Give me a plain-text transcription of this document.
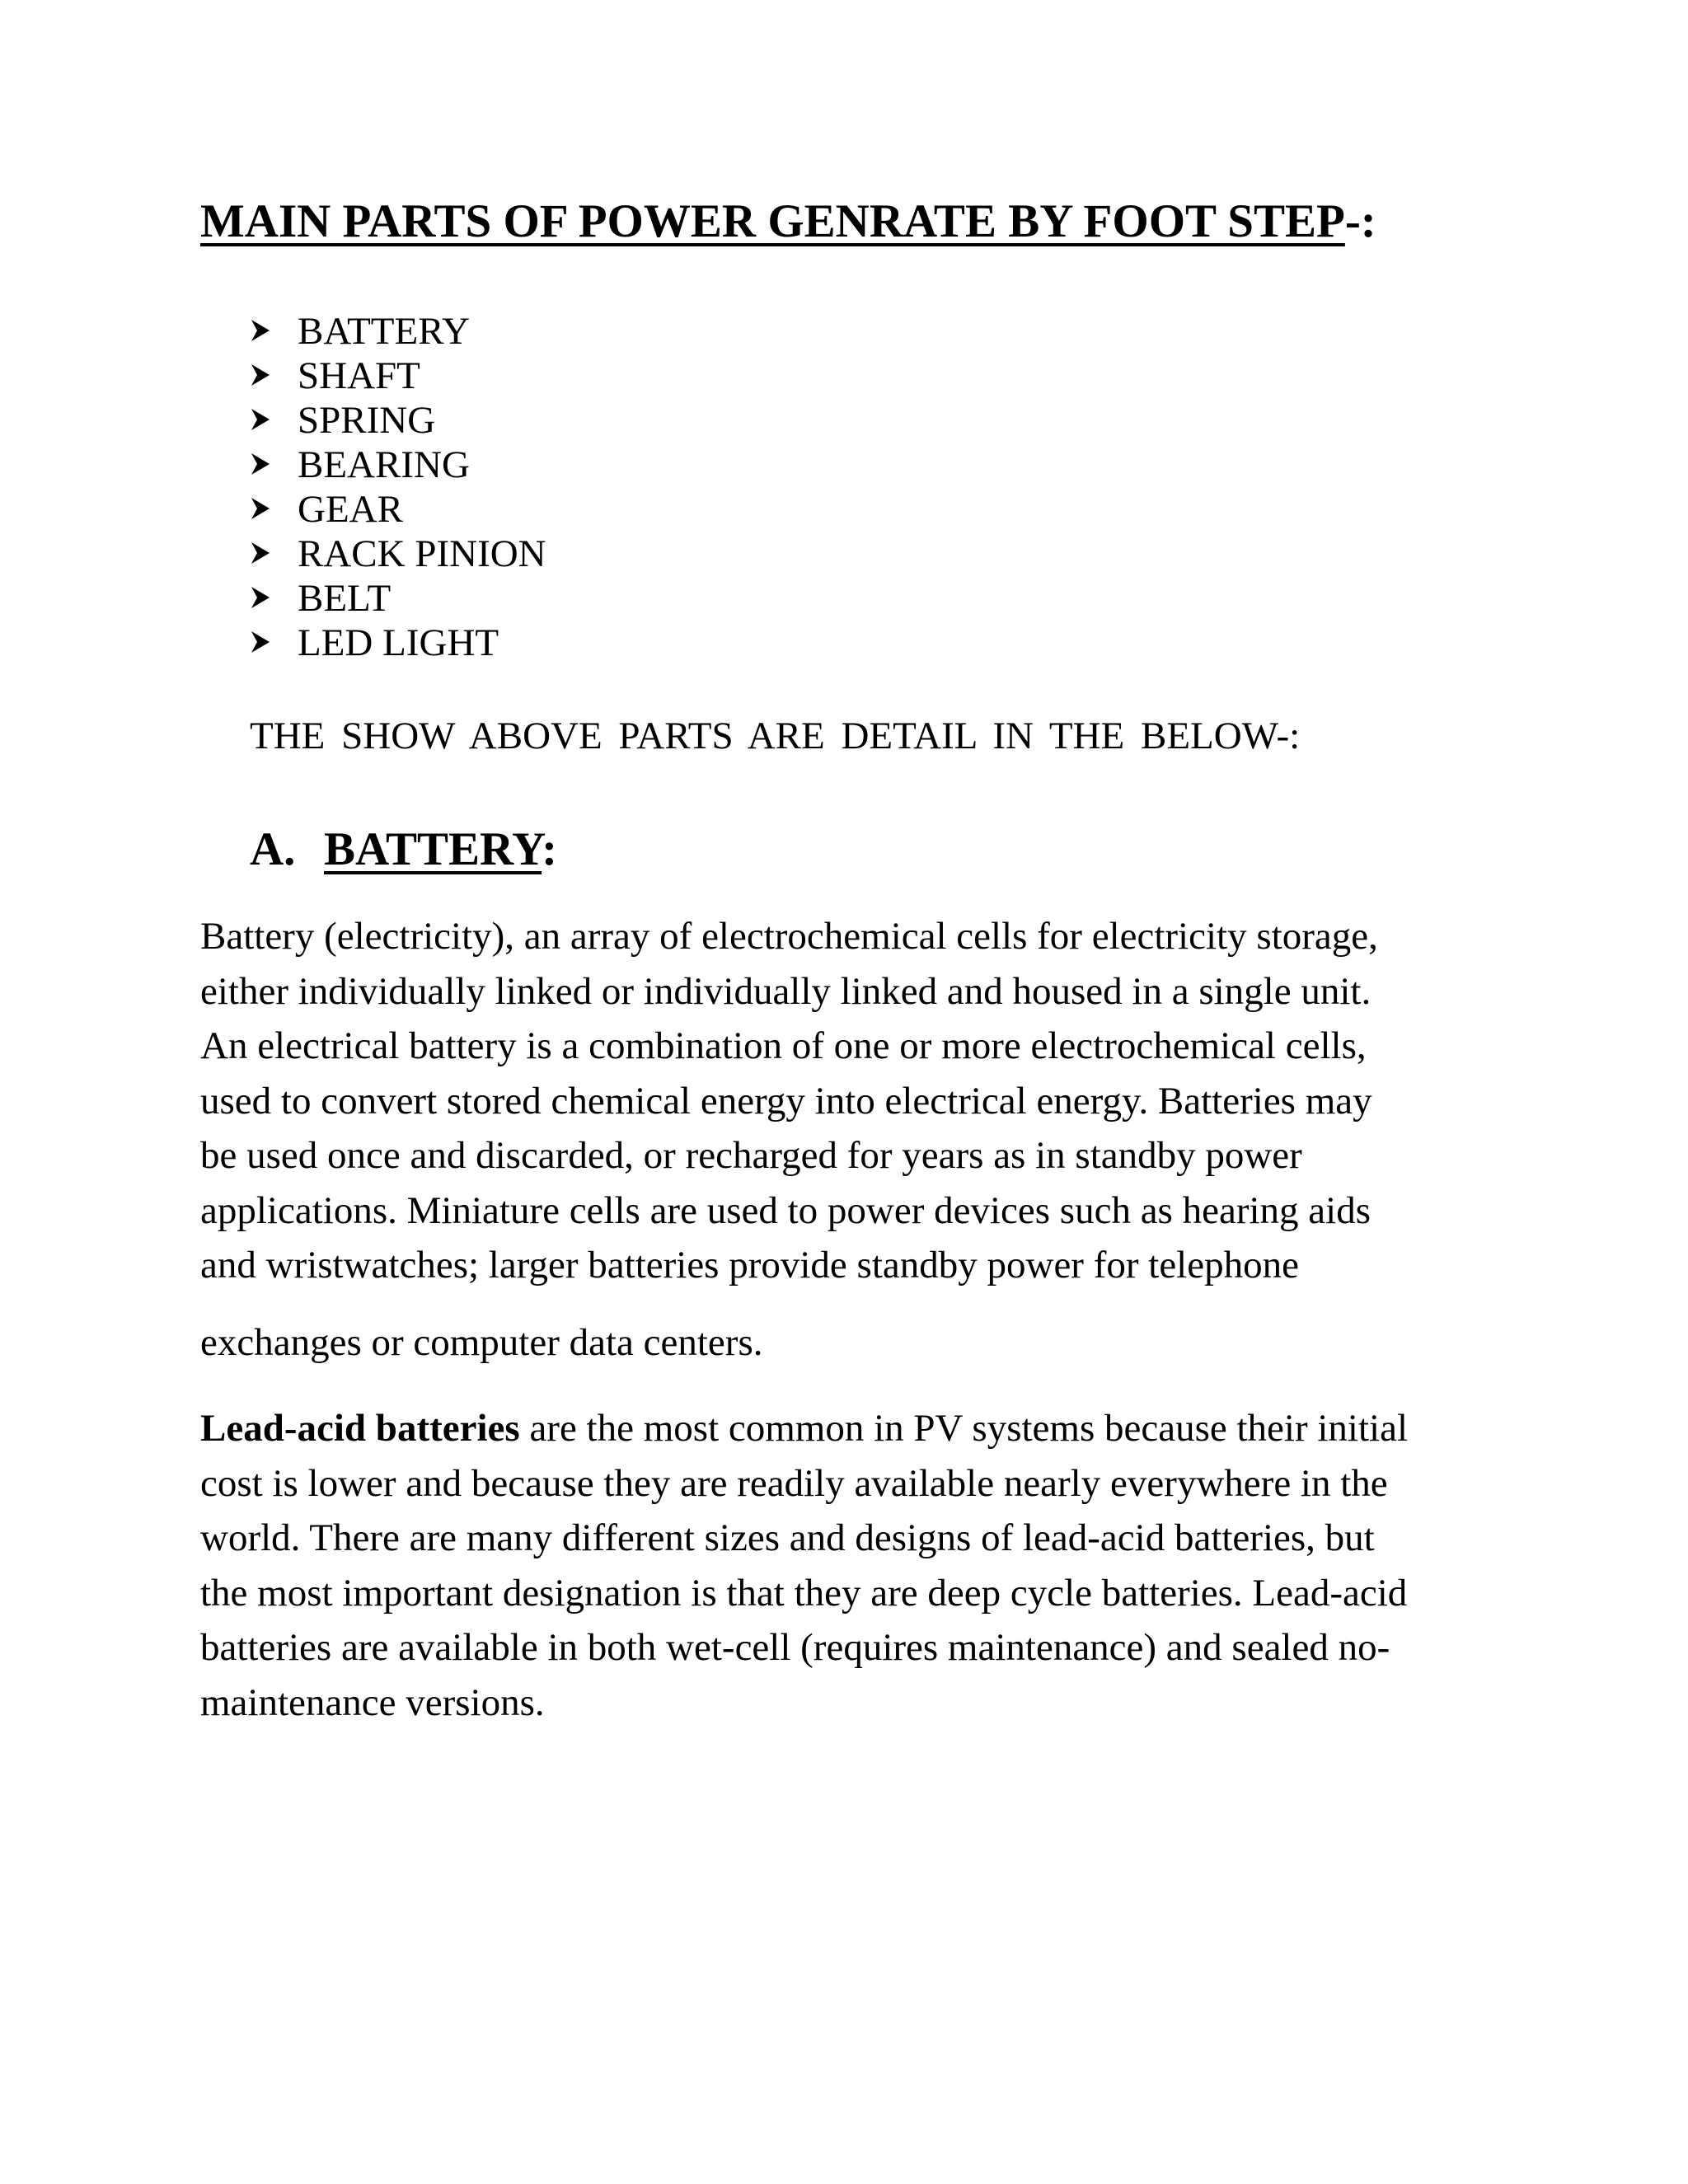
MAIN PARTS OF POWER GENRATE BY FOOT STEP-:
BATTERY
SHAFT
SPRING
BEARING
GEAR
RACK PINION
BELT
LED LIGHT

THE SHOW ABOVE PARTS ARE DETAIL IN THE BELOW-:

A. BATTERY:
Battery (electricity), an array of electrochemical cells for electricity storage,
either individually linked or individually linked and housed in a single unit.
An electrical battery is a combination of one or more electrochemical cells,
used to convert stored chemical energy into electrical energy. Batteries may
be used once and discarded, or recharged for years as in standby power
applications. Miniature cells are used to power devices such as hearing aids
and wristwatches; larger batteries provide standby power for telephone
exchanges or computer data centers.
Lead-acid batteries are the most common in PV systems because their initial
cost is lower and because they are readily available nearly everywhere in the
world. There are many different sizes and designs of lead-acid batteries, but
the most important designation is that they are deep cycle batteries. Lead-acid
batteries are available in both wet-cell (requires maintenance) and sealed no-
maintenance versions.
